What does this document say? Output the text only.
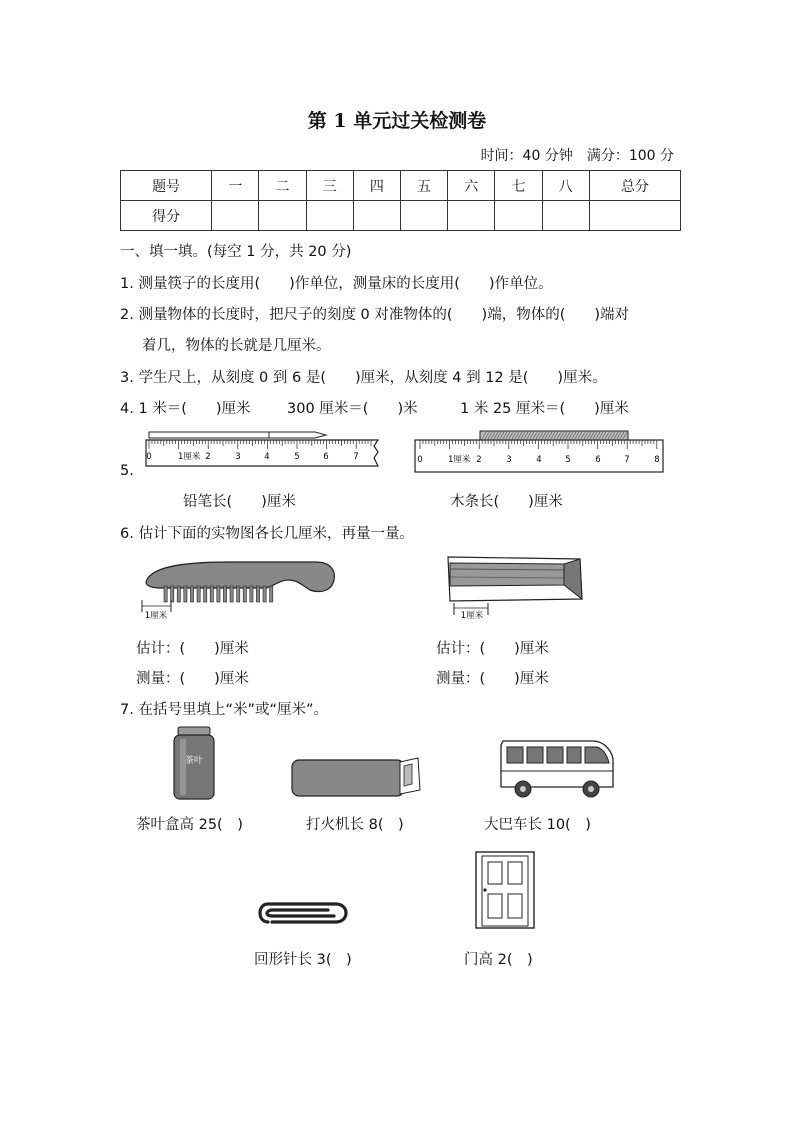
第 1 单元过关检测卷
时间：40 分钟　满分：100 分
题号	一	二	三	四	五	六	七	八	总分
得分									
一、填一填。(每空 1 分，共 20 分)
1. 测量筷子的长度用(　　)作单位，测量床的长度用(　　)作单位。
2. 测量物体的长度时，把尺子的刻度 0 对准物体的(　　)端，物体的(　　)端对
着几，物体的长就是几厘米。
3. 学生尺上，从刻度 0 到 6 是(　　)厘米，从刻度 4 到 12 是(　　)厘米。
4. 1 米＝(　　)厘米	300 厘米＝(　　)米	1 米 25 厘米＝(　　)厘米
5.
0	1厘米 2	3	4	5	6	7	0	1厘米 2	3	4	5	6	7	8
铅笔长(　　)厘米	木条长(　　)厘米
6. 估计下面的实物图各长几厘米，再量一量。
1厘米	1厘米
估计：(　　)厘米
测量：(　　)厘米
估计：(　　)厘米
测量：(　　)厘米
7. 在括号里填上“米”或“厘米”。
茶叶
茶叶盒高 25(　)	打火机长 8(　)	大巴车长 10(　)
回形针长 3(　)	门高 2(　)
